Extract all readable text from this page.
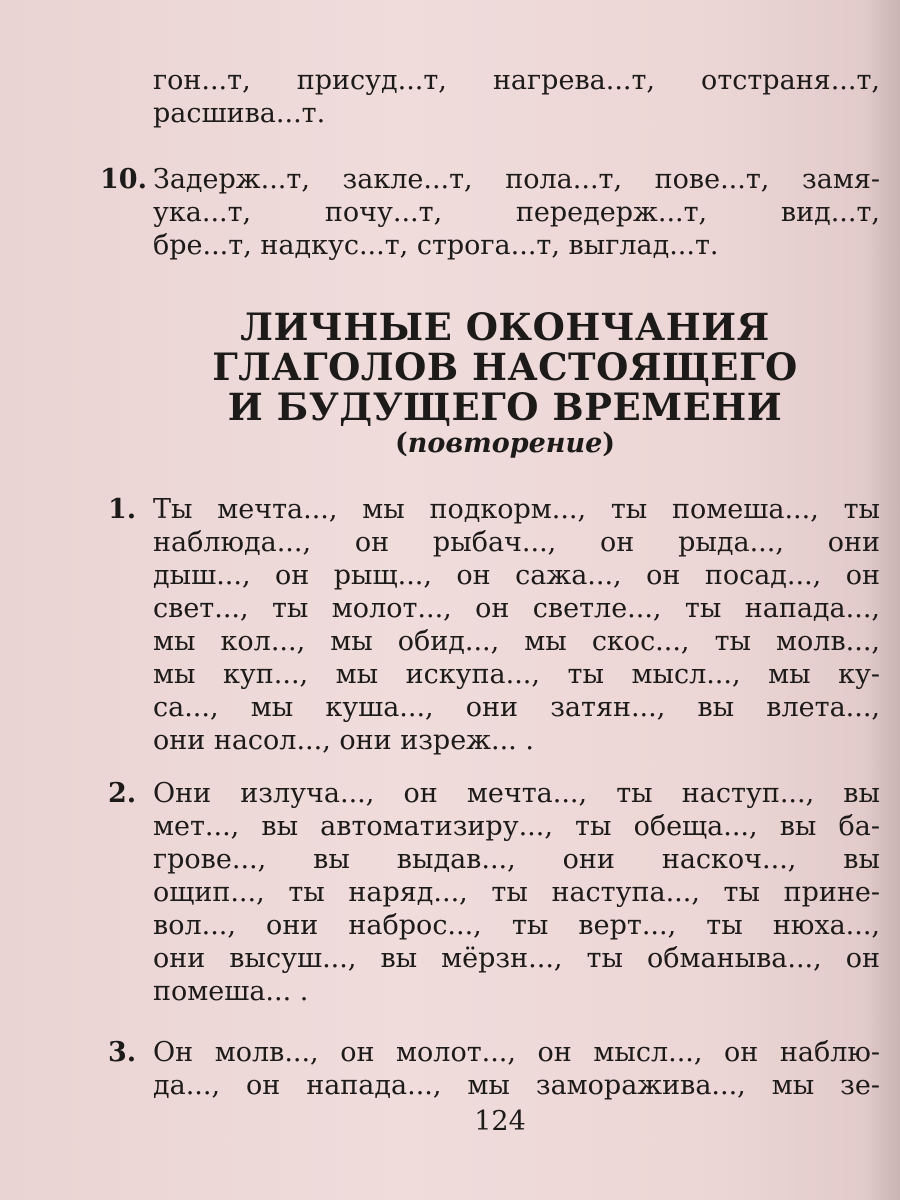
гон...т, присуд...т, нагрева...т, отстраня...т,
расшива...т.
10. Задерж...т, закле...т, пола...т, пове...т, замя-
ука...т, почу...т, передерж...т, вид...т,
бре...т, надкус...т, строга...т, выглад...т.
ЛИЧНЫЕ ОКОНЧАНИЯ
ГЛАГОЛОВ НАСТОЯЩЕГО
И БУДУЩЕГО ВРЕМЕНИ
(повторение)
1. Ты мечта..., мы подкорм..., ты помеша..., ты
наблюда..., он рыбач..., он рыда..., они
дыш..., он рыщ..., он сажа..., он посад..., он
свет..., ты молот..., он светле..., ты напада...,
мы кол..., мы обид..., мы скос..., ты молв...,
мы куп..., мы искупа..., ты мысл..., мы ку-
са..., мы куша..., они затян..., вы влета...,
они насол..., они изреж... .
2. Они излуча..., он мечта..., ты наступ..., вы
мет..., вы автоматизиру..., ты обеща..., вы ба-
грове..., вы выдав..., они наскоч..., вы
ощип..., ты наряд..., ты наступа..., ты прине-
вол..., они наброс..., ты верт..., ты нюха...,
они высуш..., вы мёрзн..., ты обманыва..., он
помеша... .
3. Он молв..., он молот..., он мысл..., он наблю-
да..., он напада..., мы заморажива..., мы зе-
124
